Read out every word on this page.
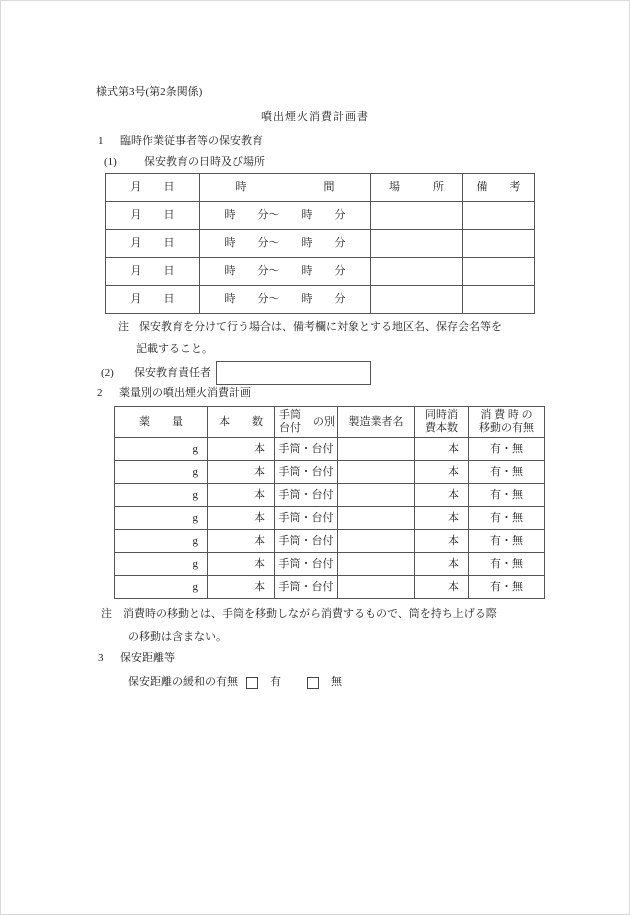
様式第3号(第2条関係)
噴出煙火消費計画書
1	臨時作業従事者等の保安教育
(1)	保安教育の日時及び場所
月　　日	時　　　　　　　間	場　　　所	備　　考
月　　日	時　　分～　　時　　分		
月　　日	時　　分～　　時　　分		
月　　日	時　　分～　　時　　分		
月　　日	時　　分～　　時　　分		
注 保安教育を分けて行う場合は、備考欄に対象とする地区名、保存会名等を
記載すること。
(2)	保安教育責任者
2	薬量別の噴出煙火消費計画
薬　　量	本　　数	手筒
台付
の別	製造業者名	同時消
費本数	消 費 時 の
移動の有無

g	本	手筒・台付		本	有・無
g	本	手筒・台付		本	有・無
g	本	手筒・台付		本	有・無
g	本	手筒・台付		本	有・無
g	本	手筒・台付		本	有・無
g	本	手筒・台付		本	有・無
g	本	手筒・台付		本	有・無
注 消費時の移動とは、手筒を移動しながら消費するもので、筒を持ち上げる際
の移動は含まない。
3	保安距離等
保安距離の緩和の有無	有	無
